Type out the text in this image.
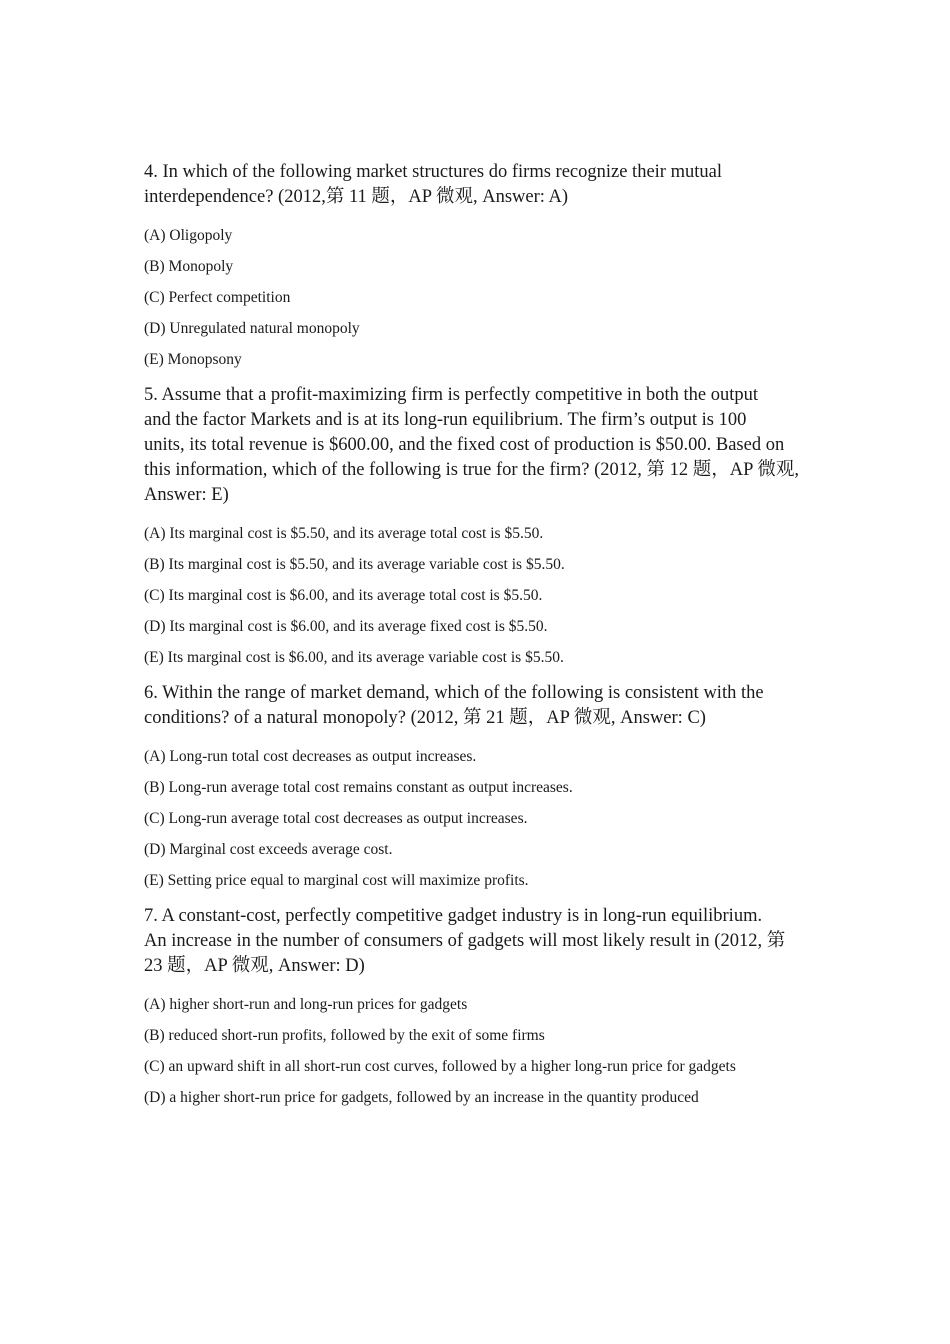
4. In which of the following market structures do firms recognize their mutual
interdependence? (2012,第 11 题，AP 微观, Answer: A)

(A) Oligopoly
(B) Monopoly
(C) Perfect competition
(D) Unregulated natural monopoly
(E) Monopsony

5. Assume that a profit-maximizing firm is perfectly competitive in both the output
and the factor Markets and is at its long-run equilibrium. The firm’s output is 100
units, its total revenue is $600.00, and the fixed cost of production is $50.00. Based on
this information, which of the following is true for the firm? (2012, 第 12 题，AP 微观,
Answer: E)

(A) Its marginal cost is $5.50, and its average total cost is $5.50.
(B) Its marginal cost is $5.50, and its average variable cost is $5.50.
(C) Its marginal cost is $6.00, and its average total cost is $5.50.
(D) Its marginal cost is $6.00, and its average fixed cost is $5.50.
(E) Its marginal cost is $6.00, and its average variable cost is $5.50.

6. Within the range of market demand, which of the following is consistent with the
conditions? of a natural monopoly? (2012, 第 21 题，AP 微观, Answer: C)

(A) Long-run total cost decreases as output increases.
(B) Long-run average total cost remains constant as output increases.
(C) Long-run average total cost decreases as output increases.
(D) Marginal cost exceeds average cost.
(E) Setting price equal to marginal cost will maximize profits.

7. A constant-cost, perfectly competitive gadget industry is in long-run equilibrium.
An increase in the number of consumers of gadgets will most likely result in (2012, 第
23 题，AP 微观, Answer: D)

(A) higher short-run and long-run prices for gadgets
(B) reduced short-run profits, followed by the exit of some firms
(C) an upward shift in all short-run cost curves, followed by a higher long-run price for gadgets
(D) a higher short-run price for gadgets, followed by an increase in the quantity produced
